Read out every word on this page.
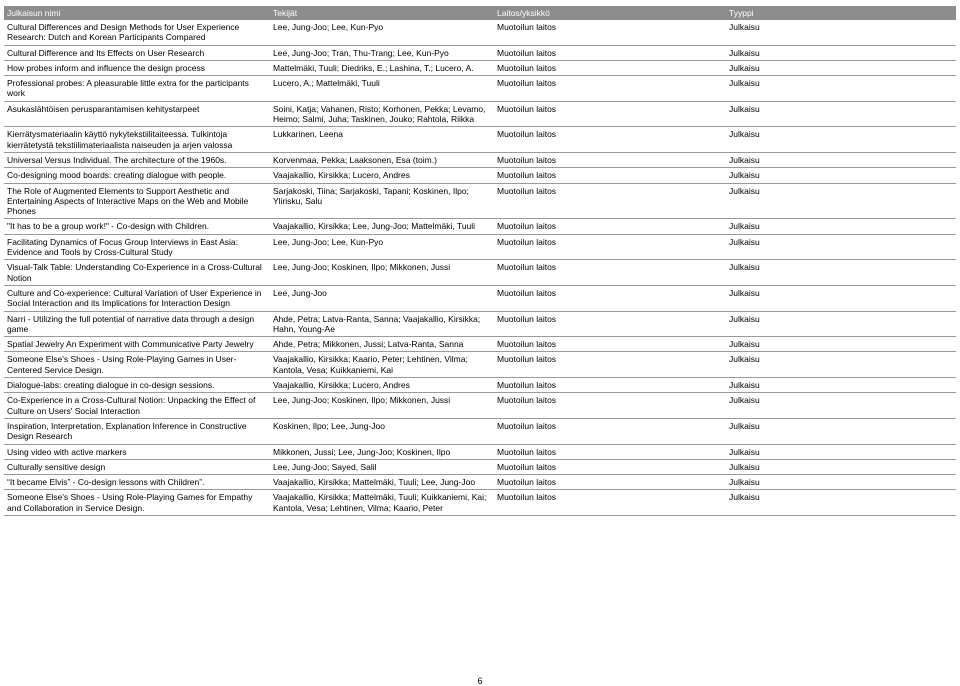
Julkaisun nimi	Tekijät	Laitos/yksikkö	Tyyppi
Cultural Differences and Design Methods for User Experience Research: Dutch and Korean Participants Compared	Lee, Jung-Joo; Lee, Kun-Pyo	Muotoilun laitos	Julkaisu
Cultural Difference and Its Effects on User Research	Lee, Jung-Joo; Tran, Thu-Trang; Lee, Kun-Pyo	Muotoilun laitos	Julkaisu
How probes inform and influence the design process	Mattelmäki, Tuuli; Diedriks, E.; Lashina, T.; Lucero, A.	Muotoilun laitos	Julkaisu
Professional probes: A pleasurable little extra for the participants work	Lucero, A.; Mattelmäki, Tuuli	Muotoilun laitos	Julkaisu
Asukaslähtöisen perusparantamisen kehitystarpeet	Soini, Katja; Vahanen, Risto; Korhonen, Pekka; Levamo, Heimo; Salmi, Juha; Taskinen, Jouko; Rahtola, Riikka	Muotoilun laitos	Julkaisu
Kierrätysmateriaalin käyttö nykytekstiilitaiteessa. Tulkintoja kierrätetystä tekstiilimateriaalista naiseuden ja arjen valossa	Lukkarinen, Leena	Muotoilun laitos	Julkaisu
Universal Versus Individual. The architecture of the 1960s.	Korvenmaa, Pekka; Laaksonen, Esa (toim.)	Muotoilun laitos	Julkaisu
Co-designing mood boards: creating dialogue with people.	Vaajakallio, Kirsikka; Lucero, Andres	Muotoilun laitos	Julkaisu
The Role of Augmented Elements to Support Aesthetic and Entertaining Aspects of Interactive Maps on the Web and Mobile Phones	Sarjakoski, Tiina; Sarjakoski, Tapani; Koskinen, Ilpo; Ylirisku, Salu	Muotoilun laitos	Julkaisu
"It has to be a group work!" - Co-design with Children.	Vaajakallio, Kirsikka; Lee, Jung-Joo; Mattelmäki, Tuuli	Muotoilun laitos	Julkaisu
Facilitating Dynamics of Focus Group Interviews in East Asia: Evidence and Tools by Cross-Cultural Study	Lee, Jung-Joo; Lee, Kun-Pyo	Muotoilun laitos	Julkaisu
Visual-Talk Table: Understanding Co-Experience in a Cross-Cultural Notion	Lee, Jung-Joo; Koskinen, Ilpo; Mikkonen, Jussi	Muotoilun laitos	Julkaisu
Culture and Co-experience: Cultural Variation of User Experience in Social Interaction and its Implications for Interaction Design	Lee, Jung-Joo	Muotoilun laitos	Julkaisu
Narri - Utilizing the full potential of narrative data through a design game	Ahde, Petra; Latva-Ranta, Sanna; Vaajakallio, Kirsikka; Hahn, Young-Ae	Muotoilun laitos	Julkaisu
Spatial Jewelry An Experiment with Communicative Party Jewelry	Ahde, Petra; Mikkonen, Jussi; Latva-Ranta, Sanna	Muotoilun laitos	Julkaisu
Someone Else's Shoes - Using Role-Playing Games in User-Centered Service Design.	Vaajakallio, Kirsikka; Kaario, Peter; Lehtinen, Vilma; Kantola, Vesa; Kuikkaniemi, Kai	Muotoilun laitos	Julkaisu
Dialogue-labs: creating dialogue in co-design sessions.	Vaajakallio, Kirsikka; Lucero, Andres	Muotoilun laitos	Julkaisu
Co-Experience in a Cross-Cultural Notion: Unpacking the Effect of Culture on Users' Social Interaction	Lee, Jung-Joo; Koskinen, Ilpo; Mikkonen, Jussi	Muotoilun laitos	Julkaisu
Inspiration, Interpretation, Explanation Inference in Constructive Design Research	Koskinen, Ilpo; Lee, Jung-Joo	Muotoilun laitos	Julkaisu
Using video with active markers	Mikkonen, Jussi; Lee, Jung-Joo; Koskinen, Ilpo	Muotoilun laitos	Julkaisu
Culturally sensitive design	Lee, Jung-Joo; Sayed, Salil	Muotoilun laitos	Julkaisu
“It became Elvis” - Co-design lessons with Children”.	Vaajakallio, Kirsikka; Mattelmäki, Tuuli; Lee, Jung-Joo	Muotoilun laitos	Julkaisu
Someone Else's Shoes - Using Role-Playing Games for Empathy and Collaboration in Service Design.	Vaajakallio, Kirsikka; Mattelmäki, Tuuli; Kuikkaniemi, Kai; Kantola, Vesa; Lehtinen, Vilma; Kaario, Peter	Muotoilun laitos	Julkaisu
6
